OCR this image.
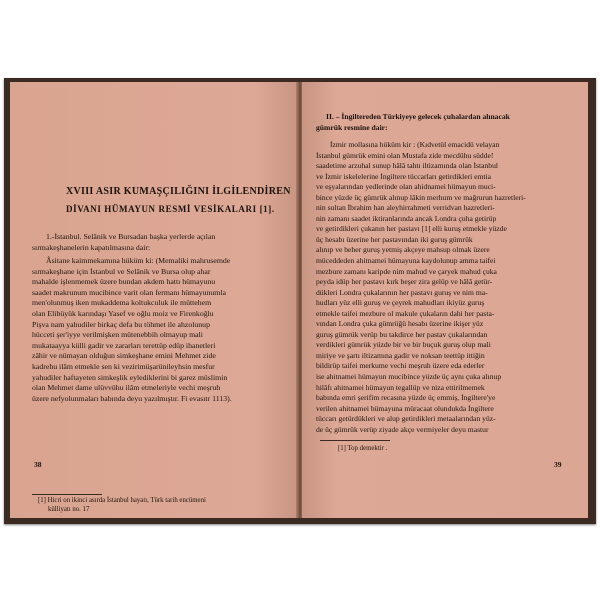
XVIII ASIR KUMAŞÇILIĞINI İLGİLENDİREN
DİVANI HÜMAYUN RESMİ VESİKALARI [1].
1.-İstanbul. Selânik ve Bursadan başka yerlerde açılan
sırmakeşhanelerin kapatılmasına dair:
Âsitane kaimmekamına hüküm ki: (Memaliki mahrusemde
sırmakeşhane için İstanbul ve Selânik ve Bursa olup ahar
mahalde işlenmemek üzere bundan akdem hattı hümayunu
saadet makrunum mucibince varit olan fermanı hümayunumla
men'olunmuş iken mukaddema koltukculuk ile müttehem
olan Elibüyük karındaşı Yasef ve oğlu moiz ve Firenkoğlu
Pişva nam yahudiler birkaç defa bu töhmet ile ahzolunup
hücceti şer'iyye verilmişken mütenebbih olmayup mali
mukataayya külli gadir ve zararları terettüp edüp ihanetleri
zâhir ve nümayan olduğun simkeşhane emini Mehmet zide
kadrehu ilâm etmekle sen ki vezirimüşarünileyhsin mesfur
yahudiler haftayeten simkeşlik eylediklerini bi garez müslimin
olan Mehmet dame ulüvvühu ilâm etmeleriyle vechi meşruh
üzere nefyolunmaları babında deyu yazılmıştır. Fi evasıtr 1113).
[1] Hicri on ikinci asırda İstanbul hayatı, Türk tarih encümeni
külliyatı no. 17
38
II. – İngiltereden Türkiyeye gelecek çuhalardan alınacak
gümrük resmine dair:
İzmir mollasına hüküm kir : (Kıdvetül emacidü velayan
İstanbul gümrük emini olan Mustafa zide mecdühu südde!
saadetime arzuhal sunup hâlâ tahtı iltizamında olan İstanbul
ve İzmir iskelelerine İngiltere tüccarları getirdikleri emtia
ve eşyalarından yedlerinde olan ahidnamei hümayun muci-
bince yüzde üç gümrük alınup lâkin merhum ve mağrurun hazretleri-
nin sultan İbrahim han aleyhirrahmeti verridvan hazretleri-
nin zamanı saadet iktiranlarında ancak Londra çuha getirüp
ve getirdikleri çukanın her pastavı [1] elli kuruş etmekle yüzde
üç hesabı üzerine her pastavından iki guruş gümrük
alınıp ve beher guruş yetmiş akçeye mahsup olmak üzere
müceddeden ahitnamei hümayuna kaydolunup amma taifei
mezbure zamanı karipde nim mahud ve çaryek mahud çuka
peyda idüp her pastavı kırk beşer zira gelüp ve hâlâ getür-
dükleri Londra çukalarının her pastavı guruş ve nim ma-
hudları yüz elli guruş ve çeyrek mahudları ikiyüz guruş
etmekle taifei mezbure ol makule çukaların dahi her pasta-
vından Londra çuka gümrüğü hesabı üzerine ikişer yüz
guruş gümrük verüp bu takdirce her pastav çukalarından
verdikleri gümrük yüzde bir ve bir buçuk guruş olup mali
miriye ve şartı iltizamına gadir ve noksan teettüp ittiğin
bildirüp taifei merkume vechi meşruh üzere eda ederler
ise ahitnamei hümayun mucibince yüzde üç aynı çuka alınup
hilâfı ahitnamei hümayun tegallüp ve niza ettirilmemek
babında emri şerifim recasına yüzde üç emmiş, İngiltere'ye
verilen ahitnamei hümayuna müracaat olundukda İngiltere
tüccarı getürdükleri ve alup getirdikleri metaalarından yüz-
de üç gümrük verüp ziyade akçe vermiyeler deyu mastur
[1] Top demektir .
39
